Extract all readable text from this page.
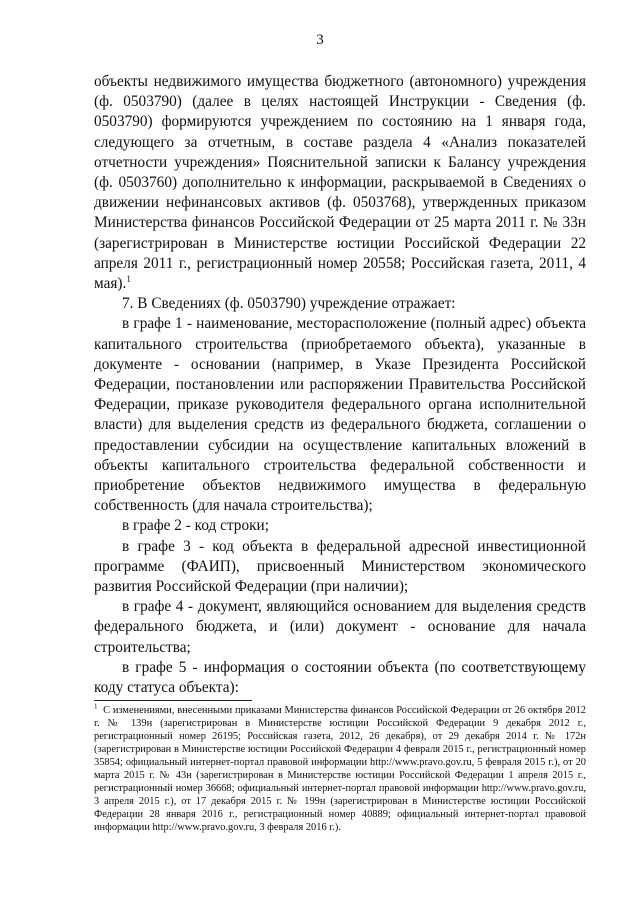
3

объекты недвижимого имущества бюджетного (автономного) учреждения (ф. 0503790) (далее в целях настоящей Инструкции - Сведения (ф. 0503790) формируются учреждением по состоянию на 1 января года, следующего за отчетным, в составе раздела 4 «Анализ показателей отчетности учреждения» Пояснительной записки к Балансу учреждения (ф. 0503760) дополнительно к информации, раскрываемой в Сведениях о движении нефинансовых активов (ф. 0503768), утвержденных приказом Министерства финансов Российской Федерации от 25 марта 2011 г. № 33н (зарегистрирован в Министерстве юстиции Российской Федерации 22 апреля 2011 г., регистрационный номер 20558; Российская газета, 2011, 4 мая).$^1$

7. В Сведениях (ф. 0503790) учреждение отражает:

в графе 1 - наименование, месторасположение (полный адрес) объекта капитального строительства (приобретаемого объекта), указанные в документе - основании (например, в Указе Президента Российской Федерации, постановлении или распоряжении Правительства Российской Федерации, приказе руководителя федерального органа исполнительной власти) для выделения средств из федерального бюджета, соглашении о предоставлении субсидии на осуществление капитальных вложений в объекты капитального строительства федеральной собственности и приобретение объектов недвижимого имущества в федеральную собственность (для начала строительства);

в графе 2 - код строки;

в графе 3 - код объекта в федеральной адресной инвестиционной программе (ФАИП), присвоенный Министерством экономического развития Российской Федерации (при наличии);

в графе 4 - документ, являющийся основанием для выделения средств федерального бюджета, и (или) документ - основание для начала строительства;

в графе 5 - информация о состоянии объекта (по соответствующему коду статуса объекта):

$^1$ С изменениями, внесенными приказами Министерства финансов Российской Федерации от 26 октября 2012 г. № 139н (зарегистрирован в Министерстве юстиции Российской Федерации 9 декабря 2012 г., регистрационный номер 26195; Российская газета, 2012, 26 декабря), от 29 декабря 2014 г. № 172н (зарегистрирован в Министерстве юстиции Российской Федерации 4 февраля 2015 г., регистрационный номер 35854; официальный интернет-портал правовой информации http://www.pravo.gov.ru, 5 февраля 2015 г.), от 20 марта 2015 г. № 43н (зарегистрирован в Министерстве юстиции Российской Федерации 1 апреля 2015 г., регистрационный номер 36668; официальный интернет-портал правовой информации http://www.pravo.gov.ru, 3 апреля 2015 г.), от 17 декабря 2015 г. № 199н (зарегистрирован в Министерстве юстиции Российской Федерации 28 января 2016 г., регистрационный номер 40889; официальный интернет-портал правовой информации http://www.pravo.gov.ru, 3 февраля 2016 г.).
